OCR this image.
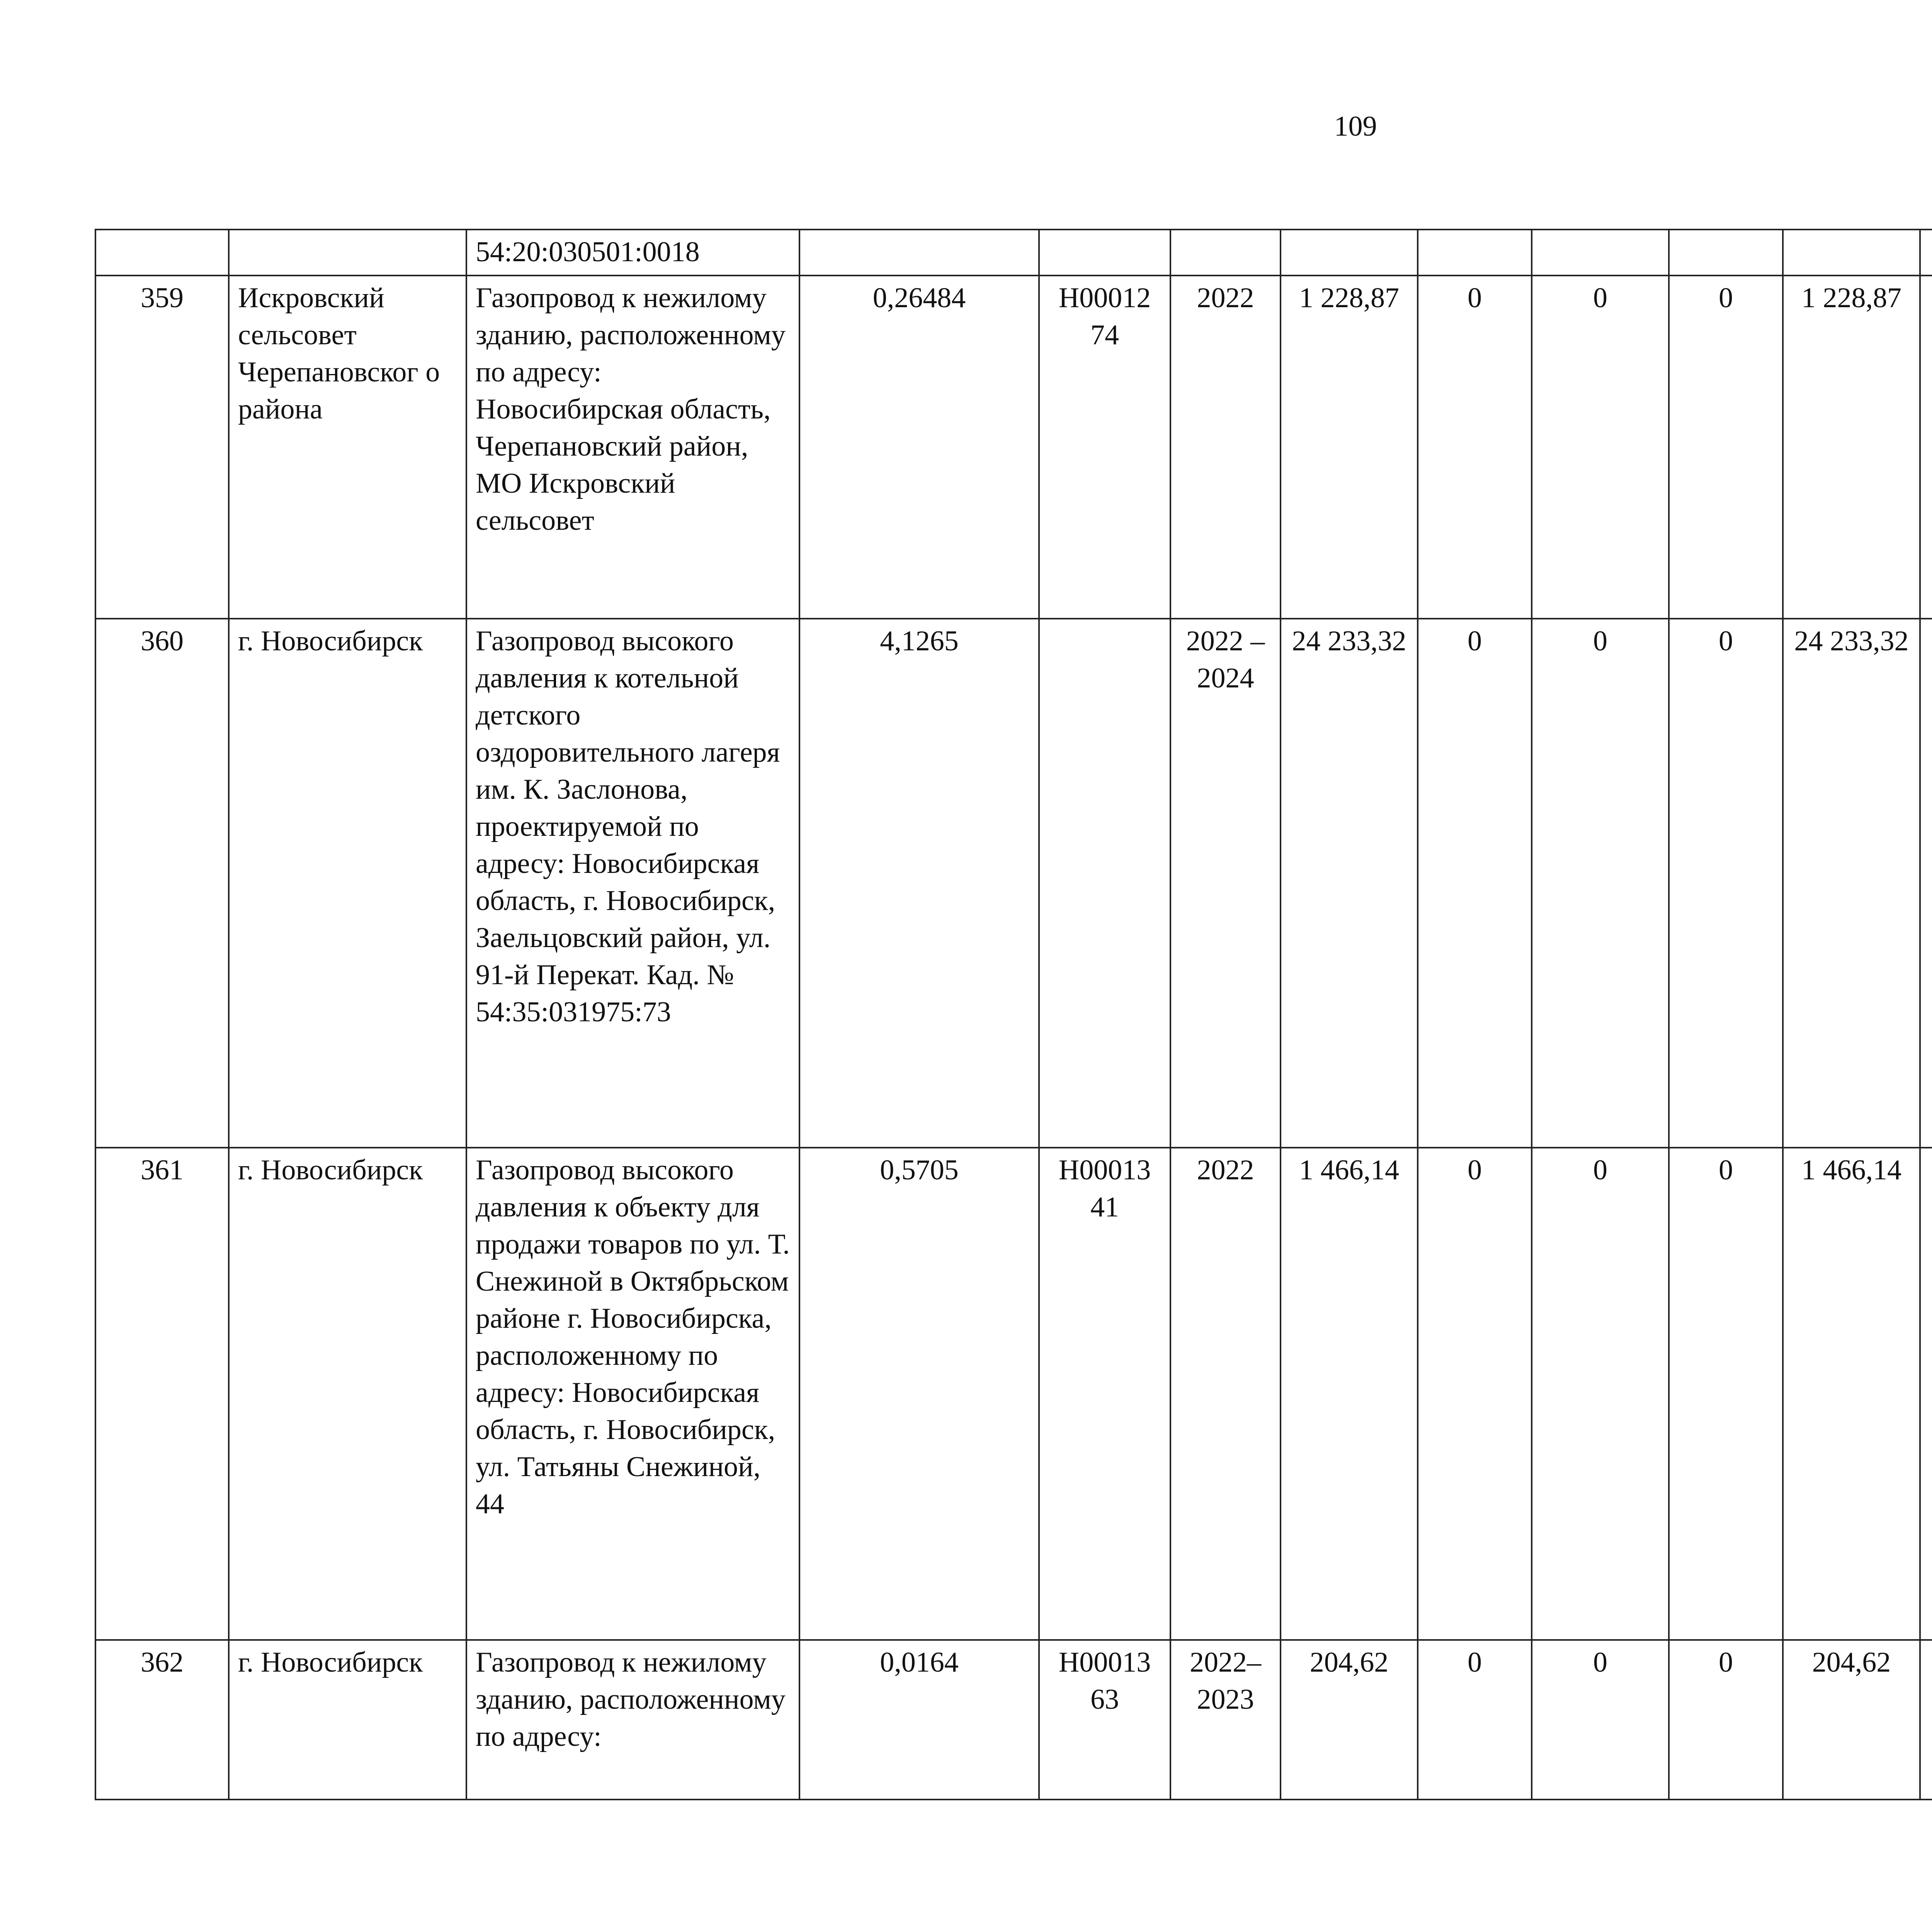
109
		54:20:030501:0018											
359	Искровский сельсовет Черепановског о района	Газопровод к нежилому зданию, расположенному по адресу: Новосибирская область, Черепановский район, МО Искровский сельсовет	0,26484	Н00012 74	2022	1 228,87	0	0	0	1 228,87			
360	г. Новосибирск	Газопровод высокого давления к котельной детского оздоровительного лагеря им. К. Заслонова, проектируемой по адресу: Новосибирская область, г. Новосибирск, Заельцовский район, ул. 91-й Перекат. Кад. № 54:35:031975:73	4,1265		2022 – 2024	24 233,32	0	0	0	24 233,32			
361	г. Новосибирск	Газопровод высокого давления к объекту для продажи товаров по ул. Т. Снежиной в Октябрьском районе г. Новосибирска, расположенному по адресу: Новосибирская область, г. Новосибирск, ул. Татьяны Снежиной, 44	0,5705	Н00013 41	2022	1 466,14	0	0	0	1 466,14			
362	г. Новосибирск	Газопровод к нежилому зданию, расположенному по адресу:	0,0164	Н00013 63	2022– 2023	204,62	0	0	0	204,62			
